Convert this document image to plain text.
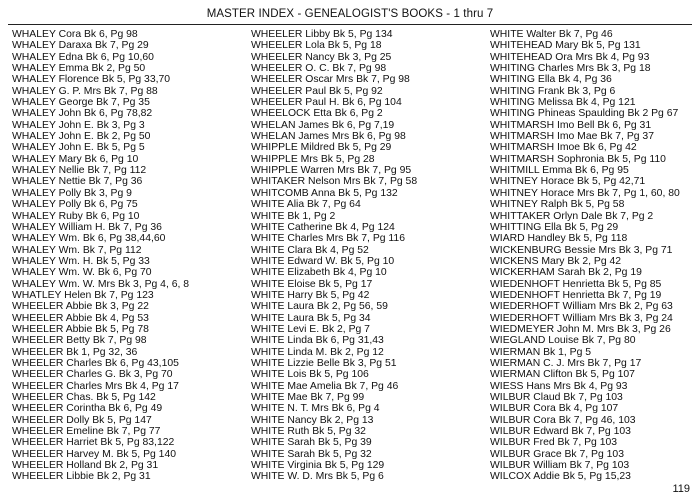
MASTER INDEX - GENEALOGIST'S BOOKS - 1 thru 7
WHALEY Cora Bk 6, Pg 98
WHALEY Daraxa Bk 7, Pg 29
WHALEY Edna Bk 6, Pg 10,60
WHALEY Emma Bk 2, Pg 50
WHALEY Florence Bk 5, Pg 33,70
WHALEY G. P. Mrs Bk 7, Pg 88
WHALEY George Bk 7, Pg 35
WHALEY John Bk 6, Pg 78,82
WHALEY John E. Bk 3, Pg 3
WHALEY John E. Bk 2, Pg 50
WHALEY John E. Bk 5, Pg 5
WHALEY Mary Bk 6, Pg 10
WHALEY Nellie Bk 7, Pg 112
WHALEY Nettie Bk 7, Pg 36
WHALEY Polly Bk 3, Pg 9
WHALEY Polly Bk 6, Pg 75
WHALEY Ruby Bk 6, Pg 10
WHALEY William H. Bk 7, Pg 36
WHALEY Wm. Bk 6, Pg 38,44,60
WHALEY Wm. Bk 7, Pg 112
WHALEY Wm. H. Bk 5, Pg 33
WHALEY Wm. W. Bk 6, Pg 70
WHALEY Wm. W. Mrs Bk 3, Pg 4, 6, 8
WHATLEY Helen Bk 7, Pg 123
WHEELER Abbie Bk 3, Pg 22
WHEELER Abbie Bk 4, Pg 53
WHEELER Abbie Bk 5, Pg 78
WHEELER Betty Bk 7, Pg 98
WHEELER Bk 1, Pg 32, 36
WHEELER Charles Bk 6, Pg 43,105
WHEELER Charles G. Bk 3, Pg 70
WHEELER Charles Mrs Bk 4, Pg 17
WHEELER Chas. Bk 5, Pg 142
WHEELER Corintha Bk 6, Pg 49
WHEELER Dolly Bk 5, Pg 147
WHEELER Emeline Bk 7, Pg 77
WHEELER Harriet Bk 5, Pg 83,122
WHEELER Harvey M. Bk 5, Pg 140
WHEELER Holland Bk 2, Pg 31
WHEELER Libbie Bk 2, Pg 31
WHEELER Libby Bk 5, Pg 134
WHEELER Lola Bk 5, Pg 18
WHEELER Nancy Bk 3, Pg 25
WHEELER O. C. Bk 7, Pg 98
WHEELER Oscar Mrs Bk 7, Pg 98
WHEELER Paul Bk 5, Pg 92
WHEELER Paul H. Bk 6, Pg 104
WHEELOCK Etta Bk 6, Pg 2
WHELAN James Bk 6, Pg 7,19
WHELAN James Mrs Bk 6, Pg 98
WHIPPLE Mildred Bk 5, Pg 29
WHIPPLE Mrs Bk 5, Pg 28
WHIPPLE Warren Mrs Bk 7, Pg 95
WHITAKER Nelson Mrs Bk 7, Pg 58
WHITCOMB Anna Bk 5, Pg 132
WHITE Alia Bk 7, Pg 64
WHITE Bk 1, Pg 2
WHITE Catherine Bk 4, Pg 124
WHITE Charles Mrs Bk 7, Pg 116
WHITE Clara Bk 4, Pg 52
WHITE Edward W. Bk 5, Pg 10
WHITE Elizabeth Bk 4, Pg 10
WHITE Eloise Bk 5, Pg 17
WHITE Harry Bk 5, Pg 42
WHITE Laura Bk 2, Pg 56, 59
WHITE Laura Bk 5, Pg 34
WHITE Levi E. Bk 2, Pg 7
WHITE Linda Bk 6, Pg 31,43
WHITE Linda M. Bk 2, Pg 12
WHITE Lizzie Belle Bk 3, Pg 51
WHITE Lois Bk 5, Pg 106
WHITE Mae Amelia Bk 7, Pg 46
WHITE Mae Bk 7, Pg 99
WHITE N. T. Mrs Bk 6, Pg 4
WHITE Nancy Bk 2, Pg 13
WHITE Ruth Bk 5, Pg 32
WHITE Sarah Bk 5, Pg 39
WHITE Sarah Bk 5, Pg 32
WHITE Virginia Bk 5, Pg 129
WHITE W. D. Mrs Bk 5, Pg 6
WHITE Walter Bk 7, Pg 46
WHITEHEAD Mary Bk 5, Pg 131
WHITEHEAD Ora Mrs Bk 4, Pg 93
WHITING Charles Mrs Bk 3, Pg 18
WHITING Ella Bk 4, Pg 36
WHITING Frank Bk 3, Pg 6
WHITING Melissa Bk 4, Pg 121
WHITING Phineas Spaulding Bk 2 Pg 67
WHITMARSH Imo Bell Bk 6, Pg 31
WHITMARSH Imo Mae Bk 7, Pg 37
WHITMARSH Imoe Bk 6, Pg 42
WHITMARSH Sophronia Bk 5, Pg 110
WHITMILL Emma Bk 6, Pg 95
WHITNEY Horace Bk 5, Pg 42,71
WHITNEY Horace Mrs Bk 7, Pg 1, 60, 80
WHITNEY Ralph Bk 5, Pg 58
WHITTAKER Orlyn Dale Bk 7, Pg 2
WHITTING Ella Bk 5, Pg 29
WIARD Handley Bk 5, Pg 118
WICKENBURG Bessie Mrs Bk 3, Pg 71
WICKENS Mary Bk 2, Pg 42
WICKERHAM Sarah Bk 2, Pg 19
WIEDENHOFT Henrietta Bk 5, Pg 85
WIEDENHOFT Henrietta Bk 7, Pg 19
WIEDERHOFT William Mrs Bk 2, Pg 63
WIEDERHOFT William Mrs Bk 3, Pg 24
WIEDMEYER John M. Mrs Bk 3, Pg 26
WIEGLAND Louise Bk 7, Pg 80
WIERMAN Bk 1, Pg 5
WIERMAN C. J. Mrs Bk 7, Pg 17
WIERMAN Clifton Bk 5, Pg 107
WIESS Hans Mrs Bk 4, Pg 93
WILBUR Claud Bk 7, Pg 103
WILBUR Cora Bk 4, Pg 107
WILBUR Cora Bk 7, Pg 46, 103
WILBUR Edward Bk 7, Pg 103
WILBUR Fred Bk 7, Pg 103
WILBUR Grace Bk 7, Pg 103
WILBUR William Bk 7, Pg 103
WILCOX Addie Bk 5, Pg 15,23
119
